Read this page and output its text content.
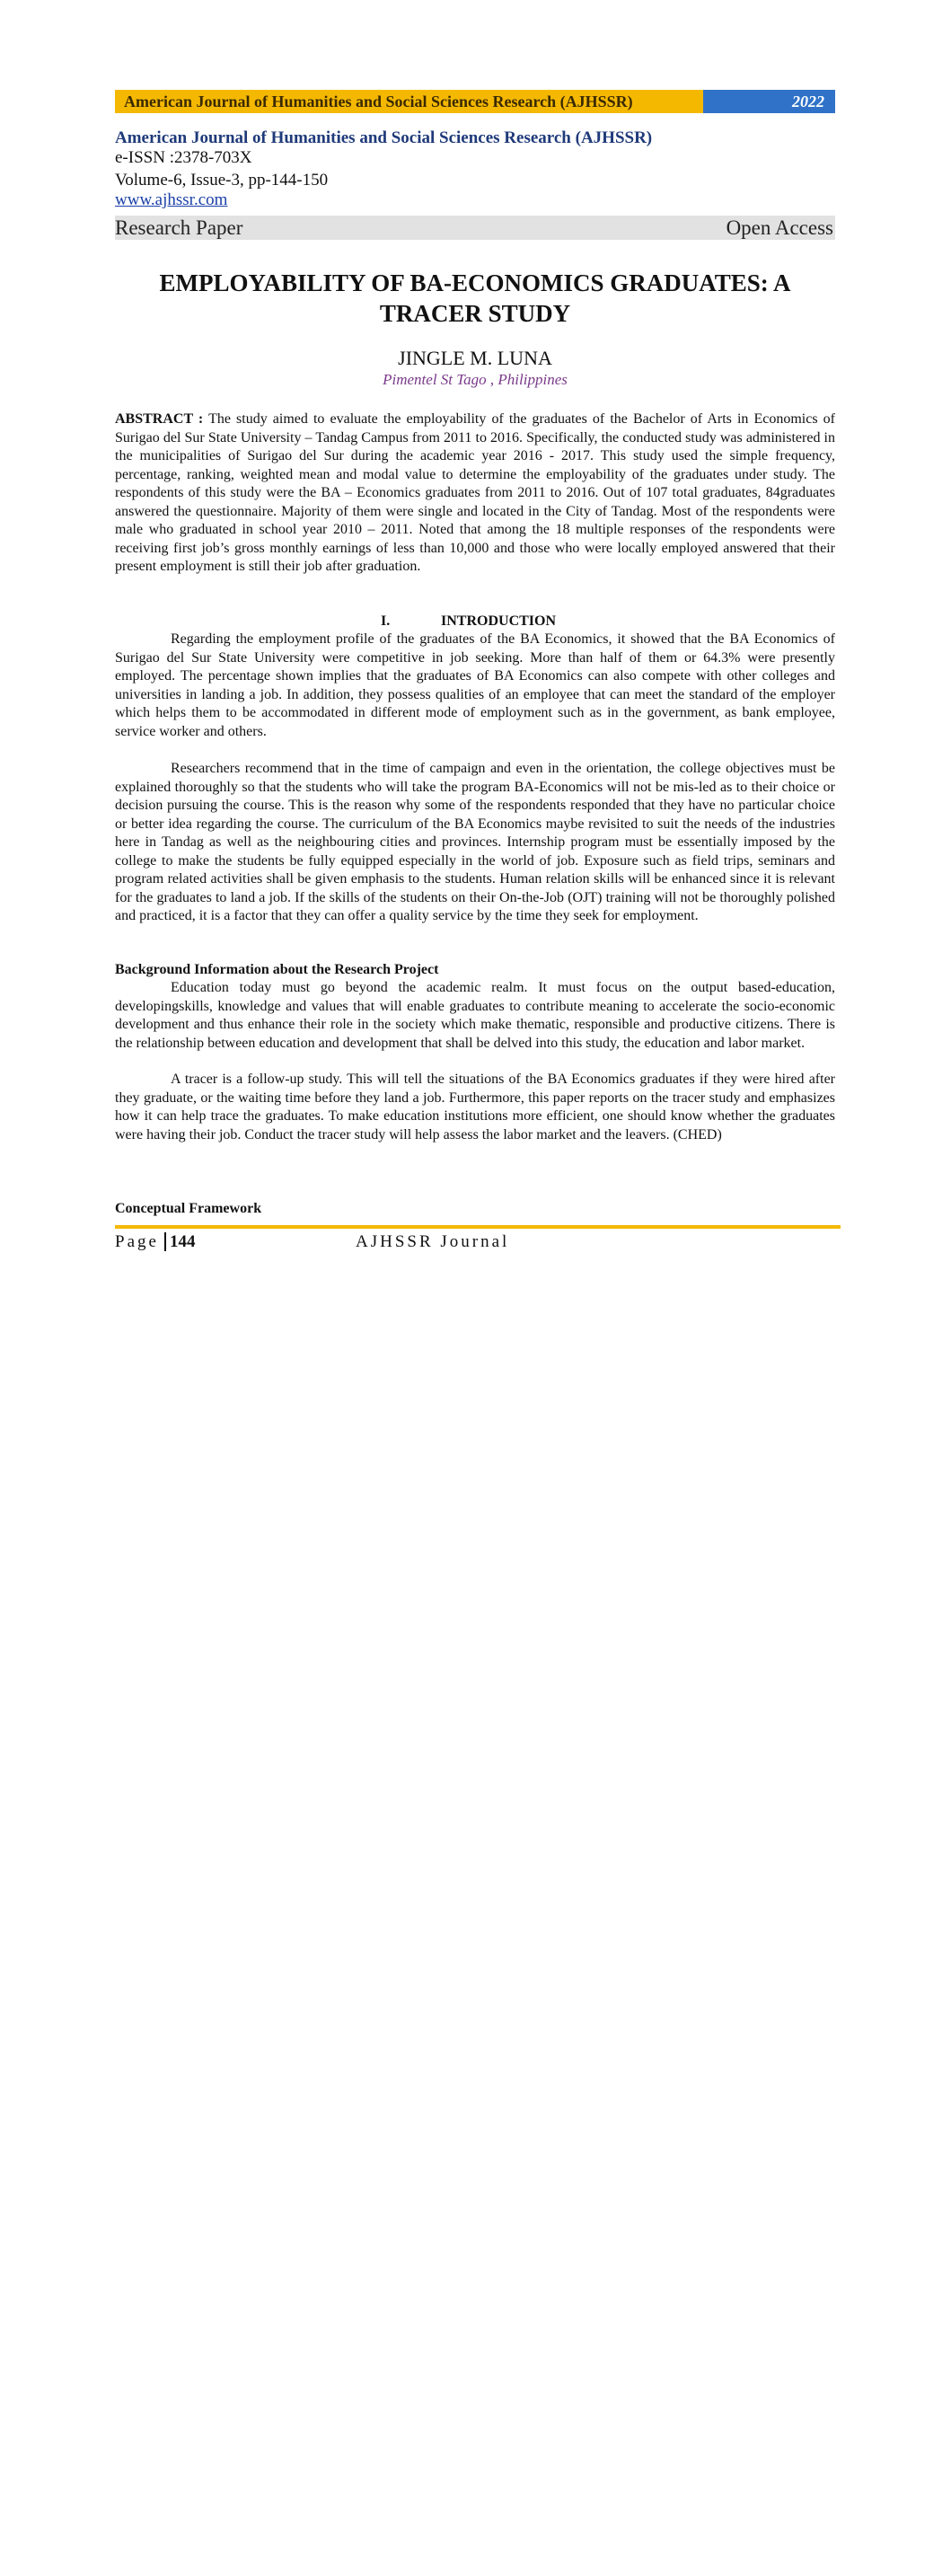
American Journal of Humanities and Social Sciences Research (AJHSSR)	2022
American Journal of Humanities and Social Sciences Research (AJHSSR)
e-ISSN :2378-703X
Volume-6, Issue-3, pp-144-150
www.ajhssr.com
Research Paper	Open Access
EMPLOYABILITY OF BA-ECONOMICS GRADUATES: A TRACER STUDY
JINGLE M. LUNA
Pimentel St Tago , Philippines
ABSTRACT : The study aimed to evaluate the employability of the graduates of the Bachelor of Arts in Economics of Surigao del Sur State University – Tandag Campus from 2011 to 2016. Specifically, the conducted study was administered in the municipalities of Surigao del Sur during the academic year 2016 - 2017. This study used the simple frequency, percentage, ranking, weighted mean and modal value to determine the employability of the graduates under study. The respondents of this study were the BA – Economics graduates from 2011 to 2016. Out of 107 total graduates, 84graduates answered the questionnaire. Majority of them were single and located in the City of Tandag. Most of the respondents were male who graduated in school year 2010 – 2011. Noted that among the 18 multiple responses of the respondents were receiving first job’s gross monthly earnings of less than 10,000 and those who were locally employed answered that their present employment is still their job after graduation.
I.	INTRODUCTION
Regarding the employment profile of the graduates of the BA Economics, it showed that the BA Economics of Surigao del Sur State University were competitive in job seeking. More than half of them or 64.3% were presently employed. The percentage shown implies that the graduates of BA Economics can also compete with other colleges and universities in landing a job. In addition, they possess qualities of an employee that can meet the standard of the employer which helps them to be accommodated in different mode of employment such as in the government, as bank employee, service worker and others.
Researchers recommend that in the time of campaign and even in the orientation, the college objectives must be explained thoroughly so that the students who will take the program BA-Economics will not be mis-led as to their choice or decision pursuing the course. This is the reason why some of the respondents responded that they have no particular choice or better idea regarding the course. The curriculum of the BA Economics maybe revisited to suit the needs of the industries here in Tandag as well as the neighbouring cities and provinces. Internship program must be essentially imposed by the college to make the students be fully equipped especially in the world of job. Exposure such as field trips, seminars and program related activities shall be given emphasis to the students. Human relation skills will be enhanced since it is relevant for the graduates to land a job. If the skills of the students on their On-the-Job (OJT) training will not be thoroughly polished and practiced, it is a factor that they can offer a quality service by the time they seek for employment.
Background Information about the Research Project
Education today must go beyond the academic realm. It must focus on the output based-education, developingskills, knowledge and values that will enable graduates to contribute meaning to accelerate the socio-economic development and thus enhance their role in the society which make thematic, responsible and productive citizens. There is the relationship between education and development that shall be delved into this study, the education and labor market.
A tracer is a follow-up study. This will tell the situations of the BA Economics graduates if they were hired after they graduate, or the waiting time before they land a job. Furthermore, this paper reports on the tracer study and emphasizes how it can help trace the graduates. To make education institutions more efficient, one should know whether the graduates were having their job. Conduct the tracer study will help assess the labor market and the leavers. (CHED)
Conceptual Framework
AJHSSR Journal
Page 144
